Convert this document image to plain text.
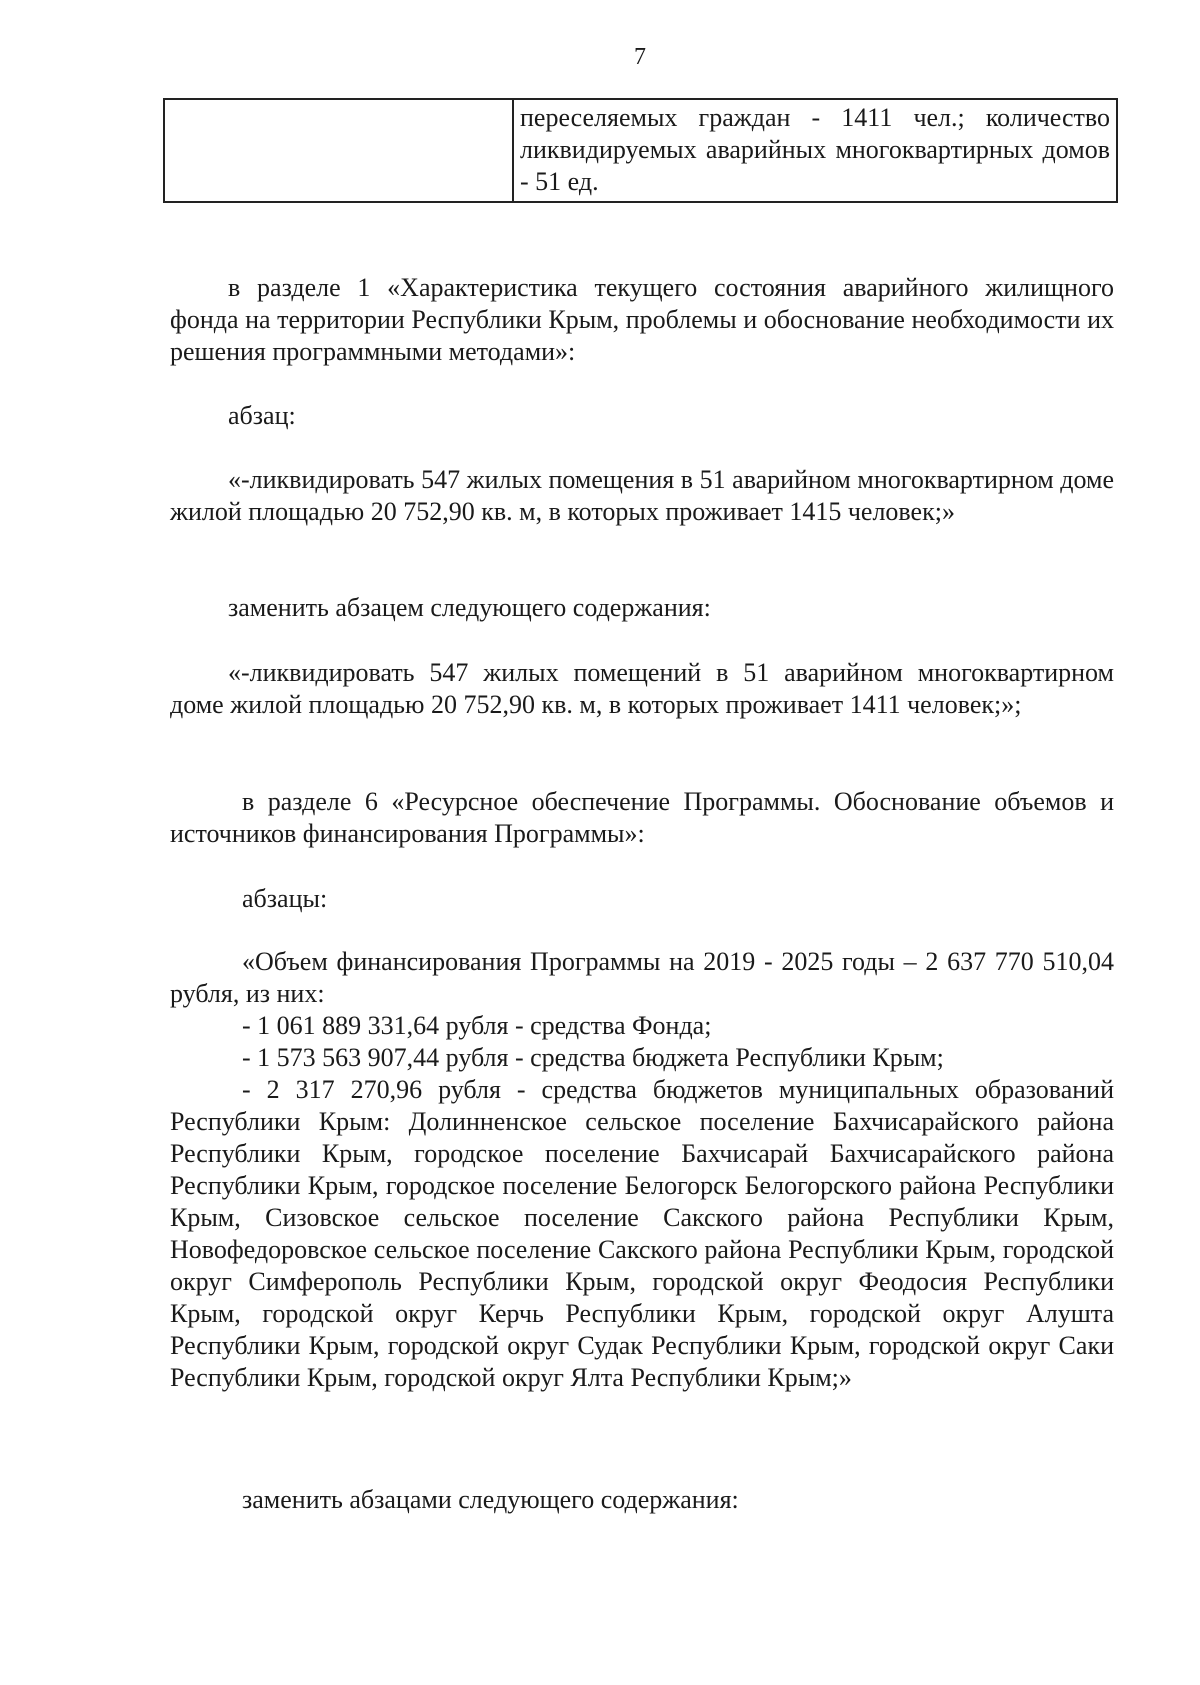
7
переселяемых граждан - 1411 чел.; количество ликвидируемых аварийных многоквартирных домов - 51 ед.

в разделе 1 «Характеристика текущего состояния аварийного жилищного фонда на территории Республики Крым, проблемы и обоснование необходимости их решения программными методами»:

абзац:

«-ликвидировать 547 жилых помещения в 51 аварийном многоквартирном доме жилой площадью 20 752,90 кв. м, в которых проживает 1415 человек;»

заменить абзацем следующего содержания:

«-ликвидировать 547 жилых помещений в 51 аварийном многоквартирном доме жилой площадью 20 752,90 кв. м, в которых проживает 1411 человек;»;

в разделе 6 «Ресурсное обеспечение Программы. Обоснование объемов и источников финансирования Программы»:

абзацы:

«Объем финансирования Программы на 2019 - 2025 годы – 2 637 770 510,04 рубля, из них:

- 1 061 889 331,64 рубля - средства Фонда;

- 1 573 563 907,44 рубля - средства бюджета Республики Крым;

- 2 317 270,96 рубля - средства бюджетов муниципальных образований Республики Крым: Долинненское сельское поселение Бахчисарайского района Республики Крым, городское поселение Бахчисарай Бахчисарайского района Республики Крым, городское поселение Белогорск Белогорского района Республики Крым, Сизовское сельское поселение Сакского района Республики Крым, Новофедоровское сельское поселение Сакского района Республики Крым, городской округ Симферополь Республики Крым, городской округ Феодосия Республики Крым, городской округ Керчь Республики Крым, городской округ Алушта Республики Крым, городской округ Судак Республики Крым, городской округ Саки Республики Крым, городской округ Ялта Республики Крым;»

заменить абзацами следующего содержания:
